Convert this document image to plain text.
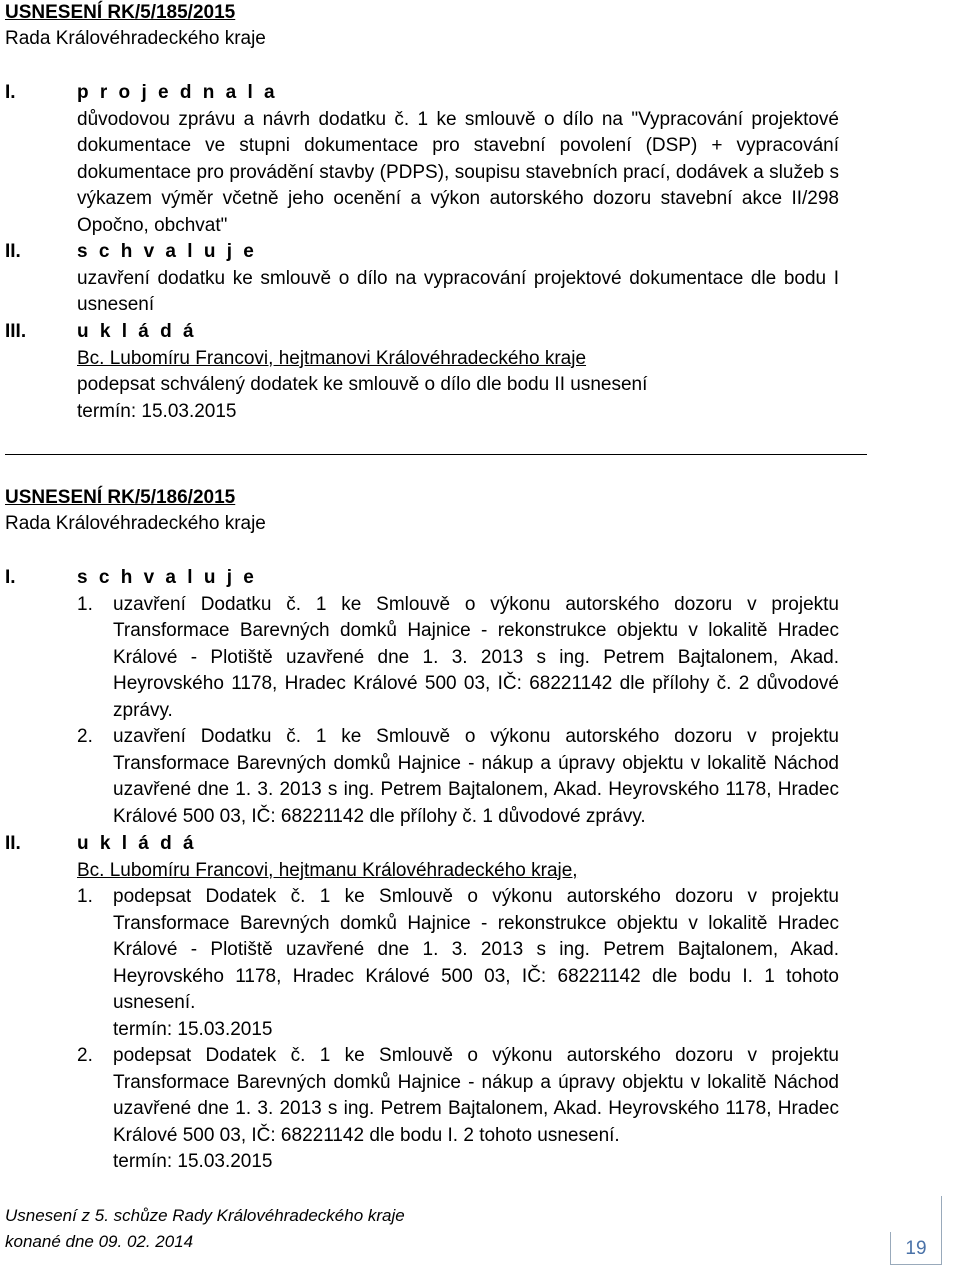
USNESENÍ RK/5/185/2015
Rada Královéhradeckého kraje
I.	p r o j e d n a l a
důvodovou zprávu a návrh dodatku č. 1 ke smlouvě o dílo na "Vypracování projektové dokumentace ve stupni dokumentace pro stavební povolení (DSP) + vypracování dokumentace pro provádění stavby (PDPS), soupisu stavebních prací, dodávek a služeb s výkazem výměr včetně jeho ocenění a výkon autorského dozoru stavební akce II/298 Opočno, obchvat"
II.	s c h v a l u j e
uzavření dodatku ke smlouvě o dílo na vypracování projektové dokumentace dle bodu I usnesení
III.	u k l á d á
Bc. Lubomíru Francovi, hejtmanovi Královéhradeckého kraje
podepsat schválený dodatek ke smlouvě o dílo dle bodu II usnesení
termín: 15.03.2015
USNESENÍ RK/5/186/2015
Rada Královéhradeckého kraje
I.	s c h v a l u j e
1. uzavření Dodatku č. 1 ke Smlouvě o výkonu autorského dozoru v projektu Transformace Barevných domků Hajnice - rekonstrukce objektu v lokalitě Hradec Králové - Plotiště uzavřené dne 1. 3. 2013 s ing. Petrem Bajtalonem, Akad. Heyrovského 1178, Hradec Králové 500 03, IČ: 68221142 dle přílohy č. 2 důvodové zprávy.
2. uzavření Dodatku č. 1 ke Smlouvě o výkonu autorského dozoru v projektu Transformace Barevných domků Hajnice - nákup a úpravy objektu v lokalitě Náchod uzavřené dne 1. 3. 2013 s ing. Petrem Bajtalonem, Akad. Heyrovského 1178, Hradec Králové 500 03, IČ: 68221142 dle přílohy č. 1 důvodové zprávy.
II.	u k l á d á
Bc. Lubomíru Francovi, hejtmanu Královéhradeckého kraje,
1. podepsat Dodatek č. 1 ke Smlouvě o výkonu autorského dozoru v projektu Transformace Barevných domků Hajnice - rekonstrukce objektu v lokalitě Hradec Králové - Plotiště uzavřené dne 1. 3. 2013 s ing. Petrem Bajtalonem, Akad. Heyrovského 1178, Hradec Králové 500 03, IČ: 68221142 dle bodu I. 1 tohoto usnesení.
termín: 15.03.2015
2. podepsat Dodatek č. 1 ke Smlouvě o výkonu autorského dozoru v projektu Transformace Barevných domků Hajnice - nákup a úpravy objektu v lokalitě Náchod uzavřené dne 1. 3. 2013 s ing. Petrem Bajtalonem, Akad. Heyrovského 1178, Hradec Králové 500 03, IČ: 68221142 dle bodu I. 2 tohoto usnesení.
termín: 15.03.2015
Usnesení z 5. schůze Rady Královéhradeckého kraje
konané dne 09. 02. 2014	19
